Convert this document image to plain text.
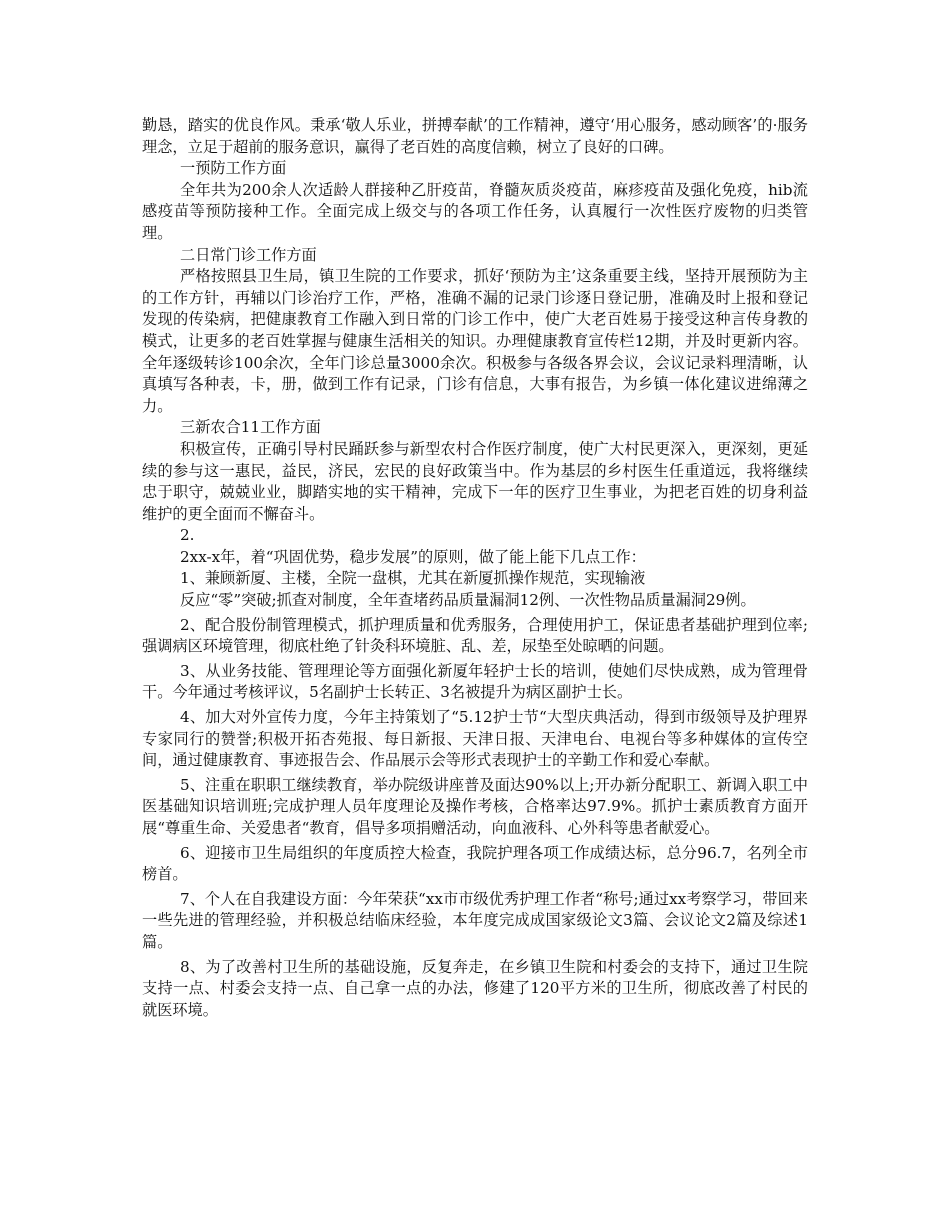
勤恳，踏实的优良作风。秉承‘敬人乐业，拼搏奉献’的工作精神，遵守‘用心服务，感动顾客’的·服务理念，立足于超前的服务意识，赢得了老百姓的高度信赖，树立了良好的口碑。

一预防工作方面

全年共为200余人次适龄人群接种乙肝疫苗，脊髓灰质炎疫苗，麻疹疫苗及强化免疫，hib流感疫苗等预防接种工作。全面完成上级交与的各项工作任务，认真履行一次性医疗废物的归类管理。

二日常门诊工作方面

严格按照县卫生局，镇卫生院的工作要求，抓好‘预防为主’这条重要主线，坚持开展预防为主的工作方针，再辅以门诊治疗工作，严格，准确不漏的记录门诊逐日登记册，准确及时上报和登记发现的传染病，把健康教育工作融入到日常的门诊工作中，使广大老百姓易于接受这种言传身教的模式，让更多的老百姓掌握与健康生活相关的知识。办理健康教育宣传栏12期，并及时更新内容。全年逐级转诊100余次，全年门诊总量3000余次。积极参与各级各界会议，会议记录料理清晰，认真填写各种表，卡，册，做到工作有记录，门诊有信息，大事有报告，为乡镇一体化建议进绵薄之力。

三新农合11工作方面

积极宣传，正确引导村民踊跃参与新型农村合作医疗制度，使广大村民更深入，更深刻，更延续的参与这一惠民，益民，济民，宏民的良好政策当中。作为基层的乡村医生任重道远，我将继续忠于职守，兢兢业业，脚踏实地的实干精神，完成下一年的医疗卫生事业，为把老百姓的切身利益维护的更全面而不懈奋斗。

2.

2xx-x年，着“巩固优势，稳步发展”的原则，做了能上能下几点工作：

1、兼顾新厦、主楼，全院一盘棋，尤其在新厦抓操作规范，实现输液

反应“零”突破;抓查对制度，全年查堵药品质量漏洞12例、一次性物品质量漏洞29例。

2、配合股份制管理模式，抓护理质量和优秀服务，合理使用护工，保证患者基础护理到位率;强调病区环境管理，彻底杜绝了针灸科环境脏、乱、差，尿垫至处晾晒的问题。

3、从业务技能、管理理论等方面强化新厦年轻护士长的培训，使她们尽快成熟，成为管理骨干。今年通过考核评议，5名副护士长转正、3名被提升为病区副护士长。

4、加大对外宣传力度，今年主持策划了“5.12护士节“大型庆典活动，得到市级领导及护理界专家同行的赞誉;积极开拓杏苑报、每日新报、天津日报、天津电台、电视台等多种媒体的宣传空间，通过健康教育、事迹报告会、作品展示会等形式表现护士的辛勤工作和爱心奉献。

5、注重在职职工继续教育，举办院级讲座普及面达90%以上;开办新分配职工、新调入职工中医基础知识培训班;完成护理人员年度理论及操作考核，合格率达97.9%。抓护士素质教育方面开展“尊重生命、关爱患者“教育，倡导多项捐赠活动，向血液科、心外科等患者献爱心。

6、迎接市卫生局组织的年度质控大检查，我院护理各项工作成绩达标，总分96.7，名列全市榜首。

7、个人在自我建设方面：今年荣获“xx市市级优秀护理工作者“称号;通过xx考察学习，带回来一些先进的管理经验，并积极总结临床经验，本年度完成成国家级论文3篇、会议论文2篇及综述1篇。

8、为了改善村卫生所的基础设施，反复奔走，在乡镇卫生院和村委会的支持下，通过卫生院支持一点、村委会支持一点、自己拿一点的办法，修建了120平方米的卫生所，彻底改善了村民的就医环境。
